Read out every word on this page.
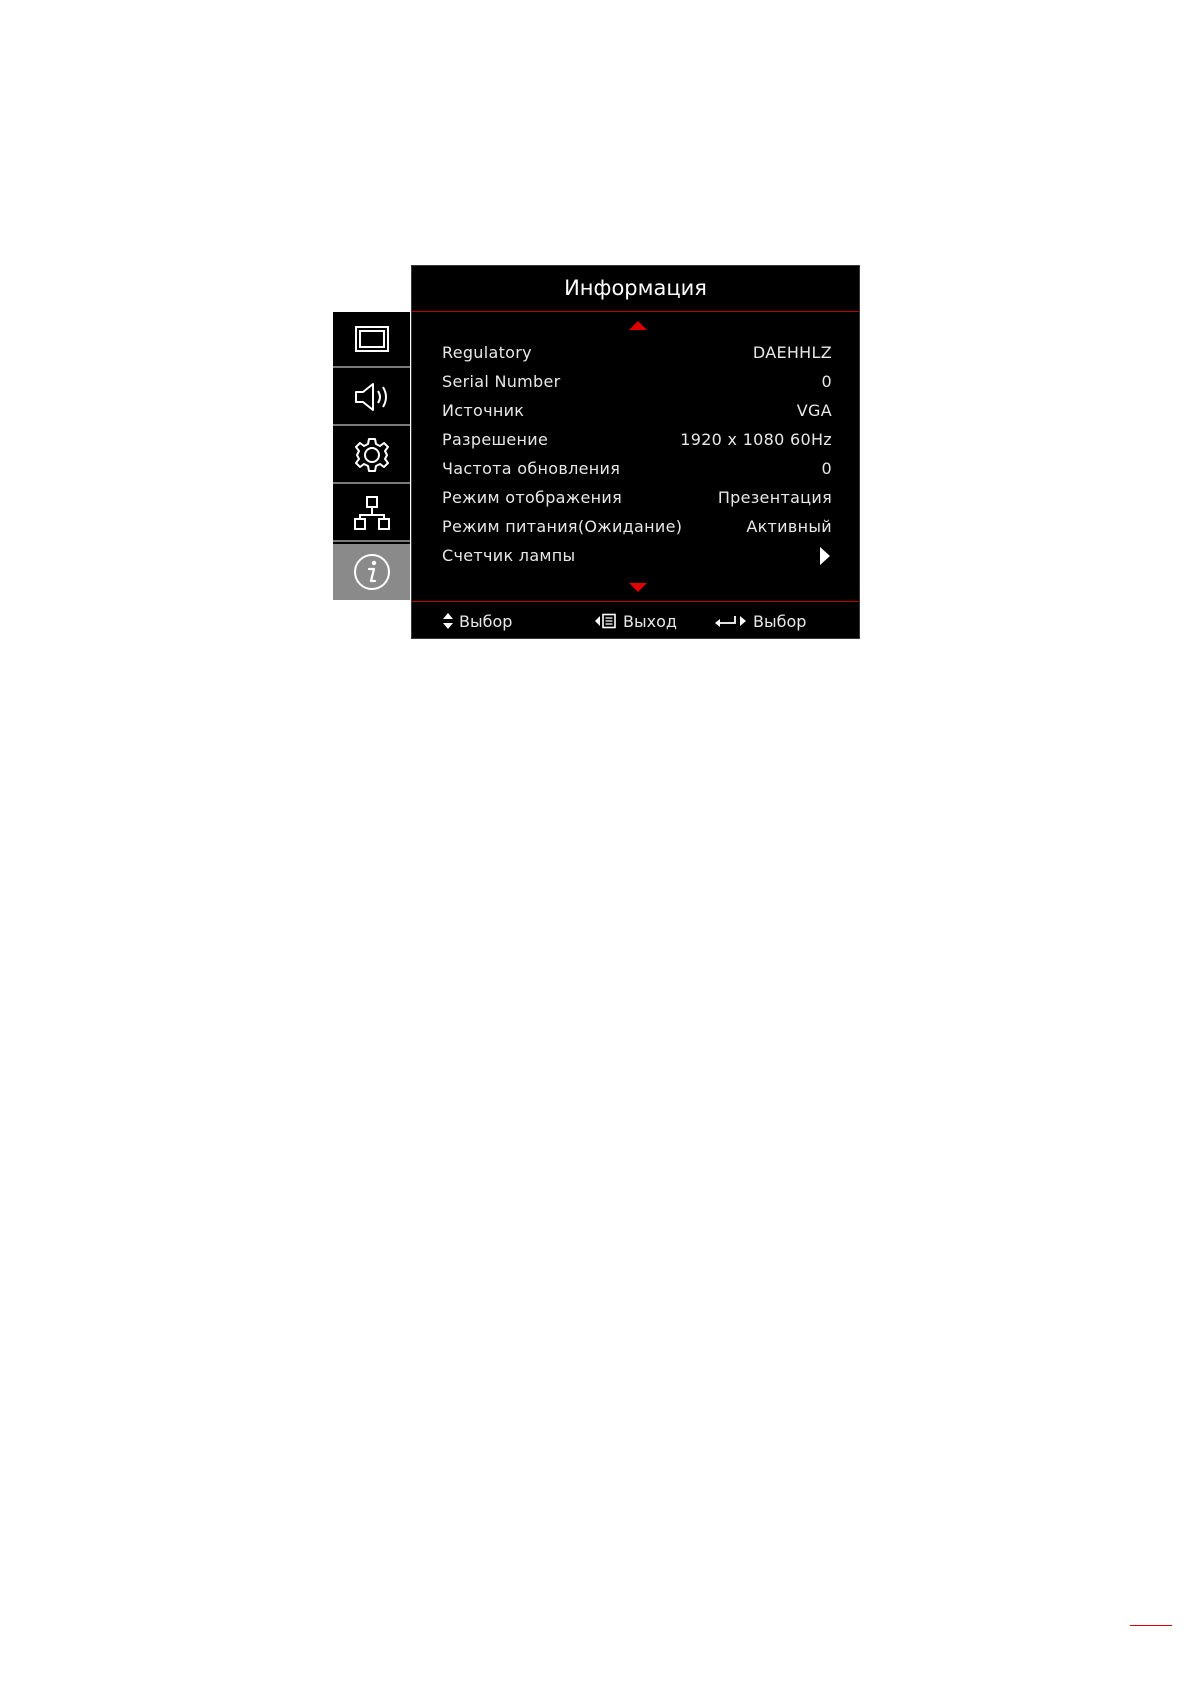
Информация
Regulatory	DAEHHLZ
Serial Number	0
Источник	VGA
Разрешение	1920 x 1080 60Hz
Частота обновления	0
Режим отображения	Презентация
Режим питания(Ожидание)	Активный
Счетчик лампы
Выбор	Выход	Выбор
